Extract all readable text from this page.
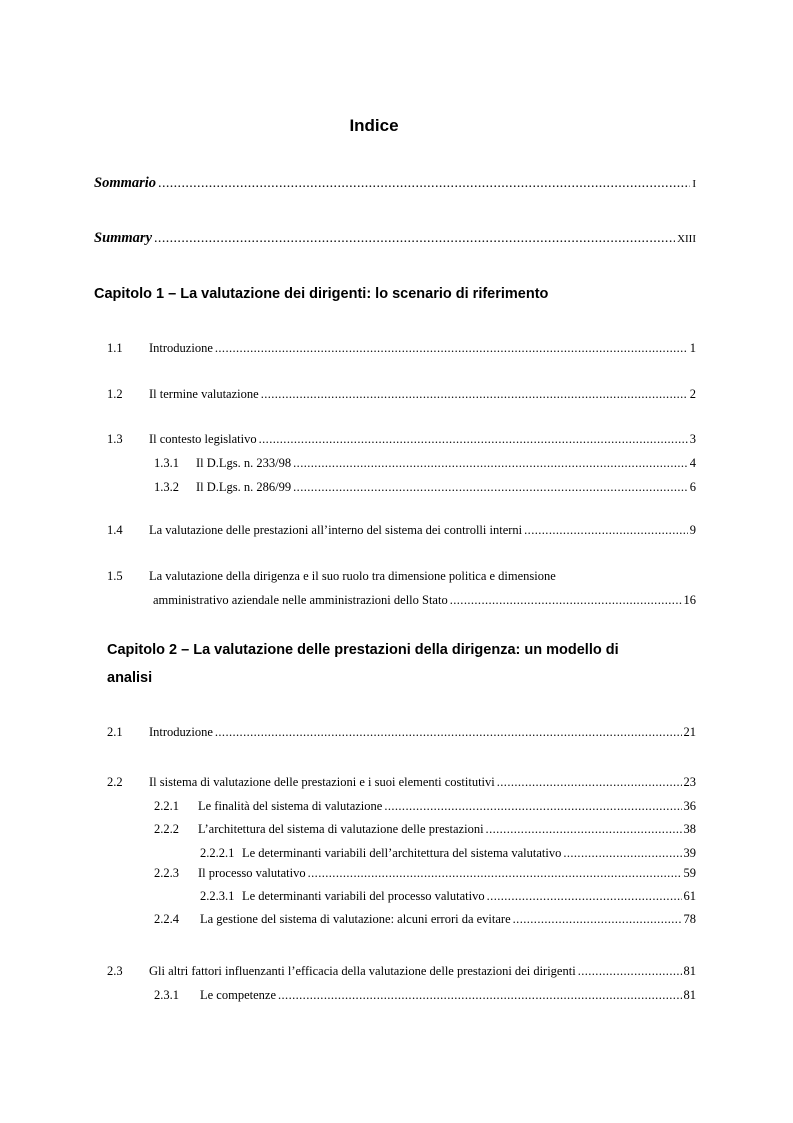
Indice
Sommario .....	I
Summary .....	XIII
Capitolo 1 – La valutazione dei dirigenti: lo scenario di riferimento
1.1	Introduzione .....	1
1.2	Il termine valutazione .....	2
1.3	Il contesto legislativo .....	3
1.3.1	Il D.Lgs. n. 233/98 .....	4
1.3.2	Il D.Lgs. n. 286/99 .....	6
1.4	La valutazione delle prestazioni all’interno del sistema dei controlli interni .....	9
1.5	La valutazione della dirigenza e il suo ruolo tra dimensione politica e dimensione
amministrativo aziendale nelle amministrazioni dello Stato .....	16
Capitolo 2 – La valutazione delle prestazioni della dirigenza: un modello di
analisi
2.1	Introduzione .....	21
2.2	Il sistema di valutazione delle prestazioni e i suoi elementi costitutivi .....	23
2.2.1	Le finalità del sistema di valutazione .....	36
2.2.2	L’architettura del sistema di valutazione delle prestazioni .....	38
2.2.2.1 Le determinanti variabili dell’architettura del sistema valutativo .....	39
2.2.3	Il processo valutativo .....	59
2.2.3.1 Le determinanti variabili del processo valutativo .....	61
2.2.4	La gestione del sistema di valutazione: alcuni errori da evitare .....	78
2.3	Gli altri fattori influenzanti l’efficacia della valutazione delle prestazioni dei dirigenti .....	81
2.3.1	Le competenze .....	81
